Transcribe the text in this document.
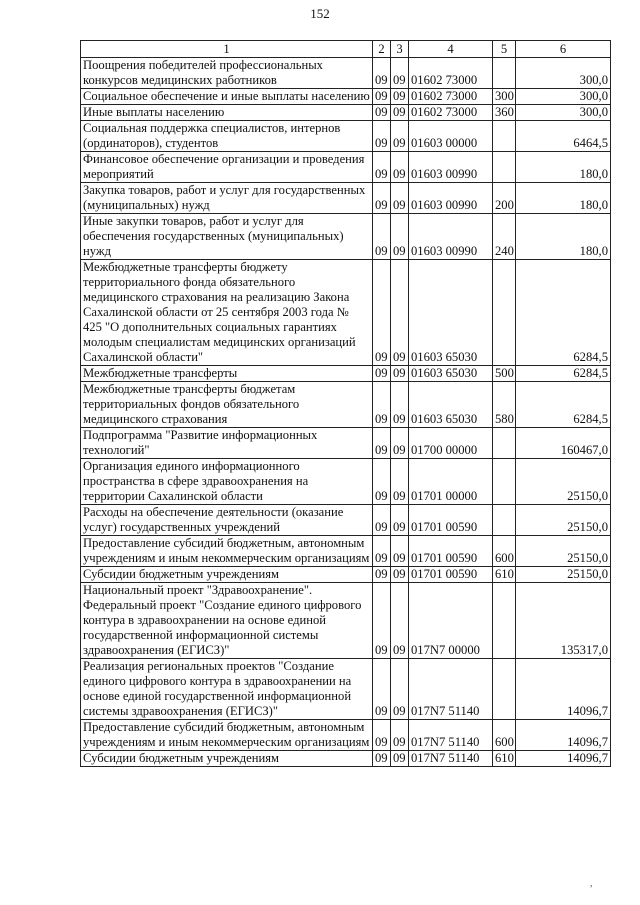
152
1	2	3	4	5	6
Поощрения победителей профессиональных конкурсов медицинских работников	09	09	01602 73000		300,0
Социальное обеспечение и иные выплаты населению	09	09	01602 73000	300	300,0
Иные выплаты населению	09	09	01602 73000	360	300,0
Социальная поддержка специалистов, интернов (ординаторов), студентов	09	09	01603 00000		6464,5
Финансовое обеспечение организации и проведения мероприятий	09	09	01603 00990		180,0
Закупка товаров, работ и услуг для государственных (муниципальных) нужд	09	09	01603 00990	200	180,0
Иные закупки товаров, работ и услуг для обеспечения государственных (муниципальных) нужд	09	09	01603 00990	240	180,0
Межбюджетные трансферты бюджету территориального фонда обязательного медицинского страхования на реализацию Закона Сахалинской области от 25 сентября 2003 года № 425 "О дополнительных социальных гарантиях молодым специалистам медицинских организаций Сахалинской области"	09	09	01603 65030		6284,5
Межбюджетные трансферты	09	09	01603 65030	500	6284,5
Межбюджетные трансферты бюджетам территориальных фондов обязательного медицинского страхования	09	09	01603 65030	580	6284,5
Подпрограмма "Развитие информационных технологий"	09	09	01700 00000		160467,0
Организация единого информационного пространства в сфере здравоохранения на территории Сахалинской области	09	09	01701 00000		25150,0
Расходы на обеспечение деятельности (оказание услуг) государственных учреждений	09	09	01701 00590		25150,0
Предоставление субсидий бюджетным, автономным учреждениям и иным некоммерческим организациям	09	09	01701 00590	600	25150,0
Субсидии бюджетным учреждениям	09	09	01701 00590	610	25150,0
Национальный проект "Здравоохранение". Федеральный проект "Создание единого цифрового контура в здравоохранении на основе единой государственной информационной системы здравоохранения (ЕГИСЗ)"	09	09	017N7 00000		135317,0
Реализация региональных проектов "Создание единого цифрового контура в здравоохранении на основе единой государственной информационной системы здравоохранения (ЕГИСЗ)"	09	09	017N7 51140		14096,7
Предоставление субсидий бюджетным, автономным учреждениям и иным некоммерческим организациям	09	09	017N7 51140	600	14096,7
Субсидии бюджетным учреждениям	09	09	017N7 51140	610	14096,7
,
